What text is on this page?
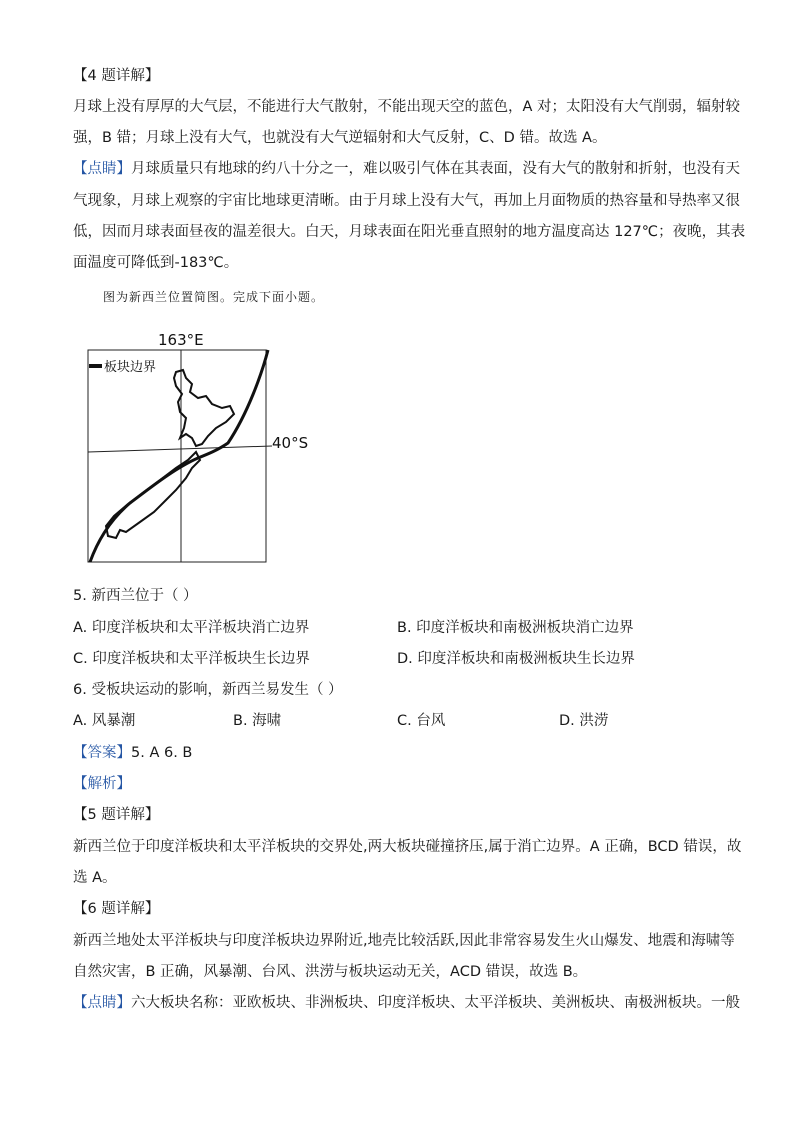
【4 题详解】
月球上没有厚厚的大气层，不能进行大气散射，不能出现天空的蓝色，A 对；太阳没有大气削弱，辐射较
强，B 错；月球上没有大气，也就没有大气逆辐射和大气反射，C、D 错。故选 A。
【点睛】月球质量只有地球的约八十分之一，难以吸引气体在其表面，没有大气的散射和折射，也没有天
气现象，月球上观察的宇宙比地球更清晰。由于月球上没有大气，再加上月面物质的热容量和导热率又很
低，因而月球表面昼夜的温差很大。白天，月球表面在阳光垂直照射的地方温度高达 127℃；夜晚，其表
面温度可降低到-183℃。
图为新西兰位置简图。完成下面小题。
163°E
40°S
板块边界
5. 新西兰位于（ ）
A. 印度洋板块和太平洋板块消亡边界	B. 印度洋板块和南极洲板块消亡边界
C. 印度洋板块和太平洋板块生长边界	D. 印度洋板块和南极洲板块生长边界
6. 受板块运动的影响，新西兰易发生（ ）
A. 风暴潮	B. 海啸	C. 台风	D. 洪涝
【答案】5. A 6. B
【解析】
【5 题详解】
新西兰位于印度洋板块和太平洋板块的交界处,两大板块碰撞挤压,属于消亡边界。A 正确，BCD 错误，故
选 A。
【6 题详解】
新西兰地处太平洋板块与印度洋板块边界附近,地壳比较活跃,因此非常容易发生火山爆发、地震和海啸等
自然灾害，B 正确，风暴潮、台风、洪涝与板块运动无关，ACD 错误，故选 B。
【点睛】六大板块名称：亚欧板块、非洲板块、印度洋板块、太平洋板块、美洲板块、南极洲板块。一般
